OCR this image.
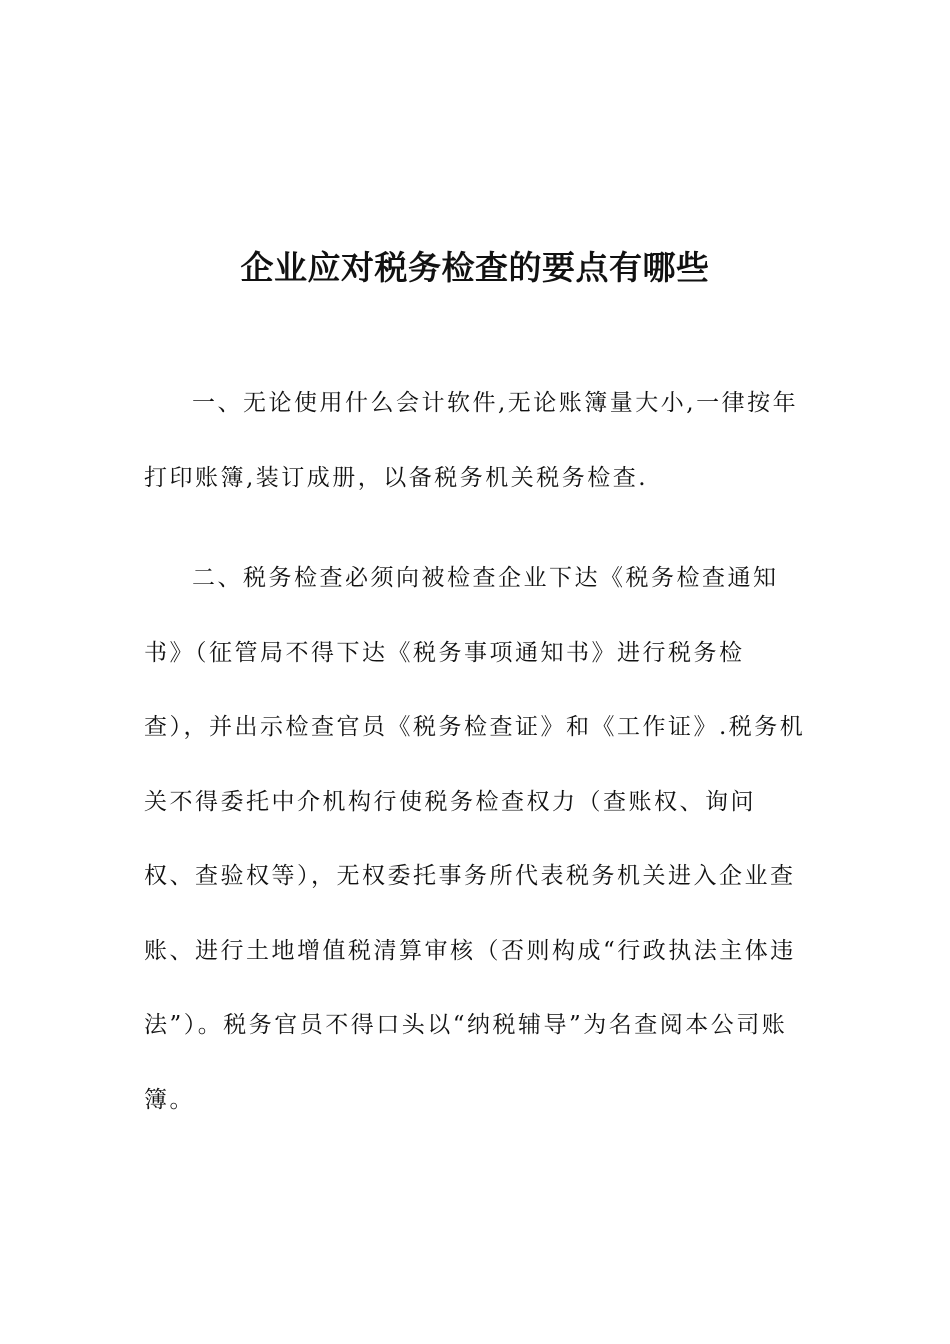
企业应对税务检查的要点有哪些

一、无论使用什么会计软件,无论账簿量大小,一律按年打印账簿,装订成册，以备税务机关税务检查.

二、税务检查必须向被检查企业下达《税务检查通知书》（征管局不得下达《税务事项通知书》进行税务检查），并出示检查官员《税务检查证》和《工作证》.税务机关不得委托中介机构行使税务检查权力（查账权、询问权、查验权等），无权委托事务所代表税务机关进入企业查账、进行土地增值税清算审核（否则构成“行政执法主体违法”）。税务官员不得口头以“纳税辅导”为名查阅本公司账簿。
